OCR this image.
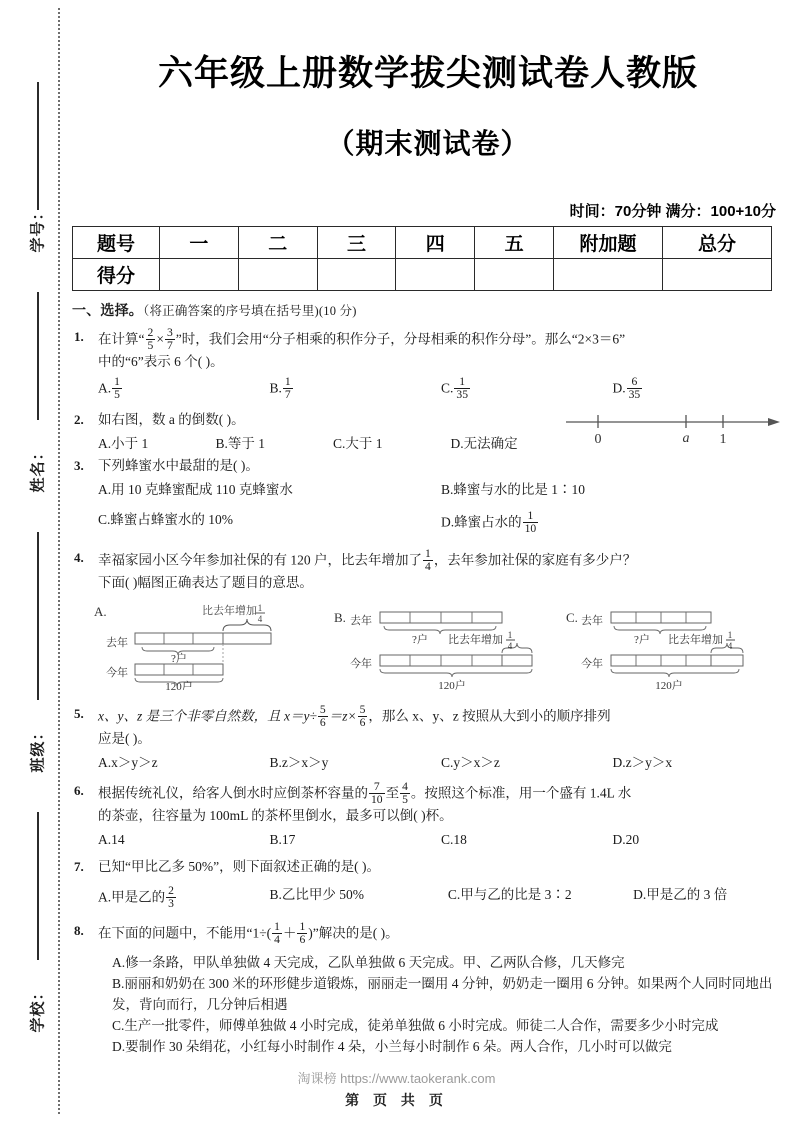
学号：
姓名：
班级：
学校：
六年级上册数学拔尖测试卷人教版
（期末测试卷）
时间：70分钟 满分：100+10分
题号	一	二	三	四	五	附加题	总分
得分							
一、选择。（将正确答案的序号填在括号里)(10 分)
1. 在计算“ $\frac{2}{5} \times \frac{3}{7}$ ”时，我们会用“分子相乘的积作分子，分母相乘的积作分母”。那么“2×3＝6”
中的“6”表示 6 个( )。
A. $\frac{1}{5}$	B. $\frac{1}{7}$	C. $\frac{1}{35}$	D. $\frac{6}{35}$
2. 如右图，数 a 的倒数( )。
A.小于 1	B.等于 1	C.大于 1	D.无法确定	0	a 1
3. 下列蜂蜜水中最甜的是( )。
A.用 10 克蜂蜜配成 110 克蜂蜜水	B.蜂蜜与水的比是 1∶10
C.蜂蜜占蜂蜜水的 10%	D.蜂蜜占水的 $\frac{1}{10}$
4. 幸福家园小区今年参加社保的有 120 户，比去年增加了 $\frac{1}{4}$ ，去年参加社保的家庭有多少户？
下面( )幅图正确表达了题目的意思。
A.	比去年增加 1
4
去年
?户
今年
120户
B. 去年
?户 比去年增加 1
4
今年
120户
C. 去年
?户 比去年增加 1
4
今年
120户
5. x、y、z 是三个非零自然数，且 $x=y\div \frac{5}{6} =z\times \frac{5}{6}$ ，那么 x、y、z 按照从大到小的顺序排列
应是( )。
A.x＞y＞z	B.z＞x＞y	C.y＞x＞z	D.z＞y＞x
6. 根据传统礼仪，给客人倒水时应倒茶杯容量的 $\frac{7}{10}$ 至 $\frac{4}{5}$ 。按照这个标准，用一个盛有 1.4L 水
的茶壶，往容量为 100mL 的茶杯里倒水，最多可以倒( )杯。
A.14	B.17	C.18	D.20
7. 已知“甲比乙多 50%”，则下面叙述正确的是( )。
A.甲是乙的 $\frac{2}{3}$	B.乙比甲少 50%	C.甲与乙的比是 3∶2	D.甲是乙的 3 倍
8. 在下面的问题中，不能用“$1\div( \frac{1}{4} + \frac{1}{6}$ )”解决的是( )。
A.修一条路，甲队单独做 4 天完成，乙队单独做 6 天完成。甲、乙两队合修，几天修完
B.丽丽和奶奶在 300 米的环形健步道锻炼，丽丽走一圈用 4 分钟，奶奶走一圈用 6 分钟。如果两个人同时同地出发，背向而行，几分钟后相遇
C.生产一批零件，师傅单独做 4 小时完成，徒弟单独做 6 小时完成。师徒二人合作，需要多少小时完成
D.要制作 30 朵绢花，小红每小时制作 4 朵，小兰每小时制作 6 朵。两人合作，几小时可以做完
淘课榜 https://www.taokerank.com
第 页 共 页
